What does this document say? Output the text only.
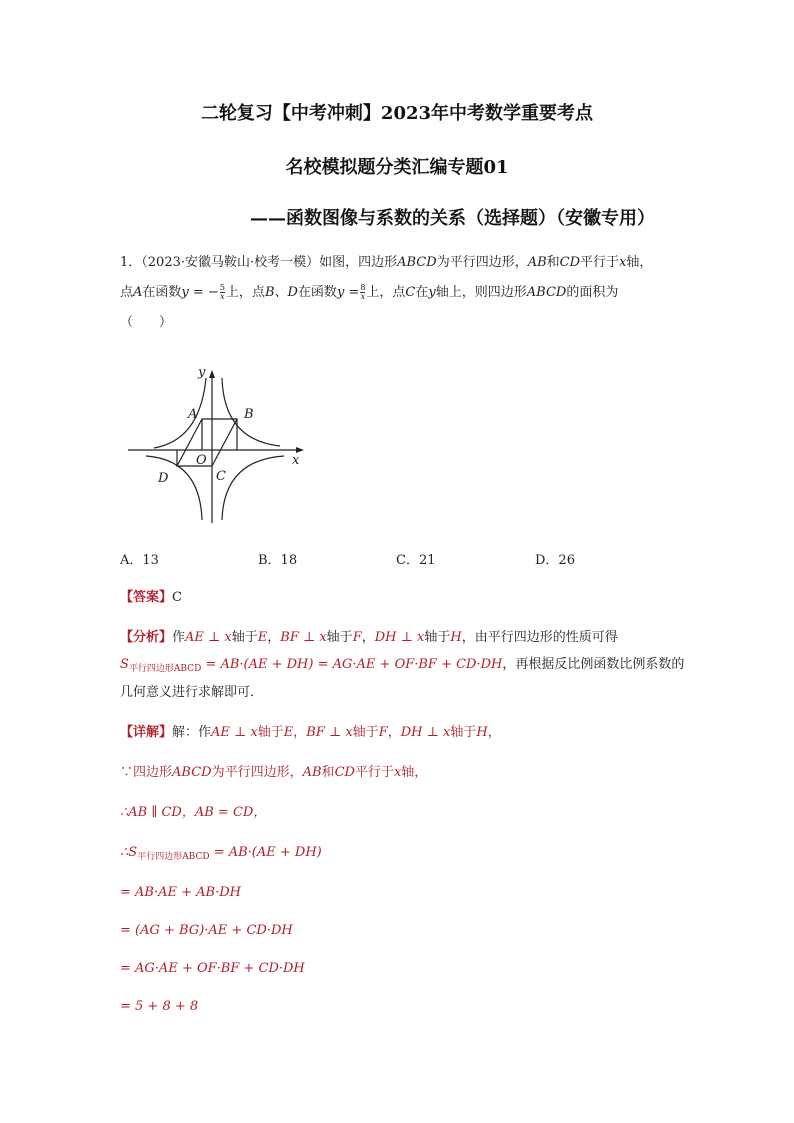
二轮复习【中考冲刺】2023年中考数学重要考点
名校模拟题分类汇编专题01
——函数图像与系数的关系（选择题）（安徽专用）
1．（2023·安徽马鞍山·校考一模）如图，四边形ABCD为平行四边形，AB和CD平行于x轴，
点A在函数y = − $\frac{5}{x}$ 上，点B、D在函数$y = \frac{8}{x}$ 上，点C在y轴上，则四边形ABCD的面积为
（　　）
y
x
O
A	B
C
D
A．13	B．18	C．21	D．26
【答案】C
【分析】作AE ⊥ x轴于E，BF ⊥ x轴于F，DH ⊥ x轴于H，由平行四边形的性质可得
$S_{平行四边形ABCD} = AB\cdot(AE + DH) = AG\cdot AE + OF\cdot BF + CD\cdot DH$，再根据反比例函数比例系数的
几何意义进行求解即可．
【详解】解：作AE ⊥ x轴于E，BF ⊥ x轴于F，DH ⊥ x轴于H，
∵四边形ABCD为平行四边形，AB和CD平行于x轴，
∴AB ∥ CD，AB = CD，
$\therefore S_{平行四边形ABCD} = AB\cdot(AE + DH)$
= AB·AE + AB·DH
= (AG + BG)·AE + CD·DH
= AG·AE + OF·BF + CD·DH
= 5 + 8 + 8
